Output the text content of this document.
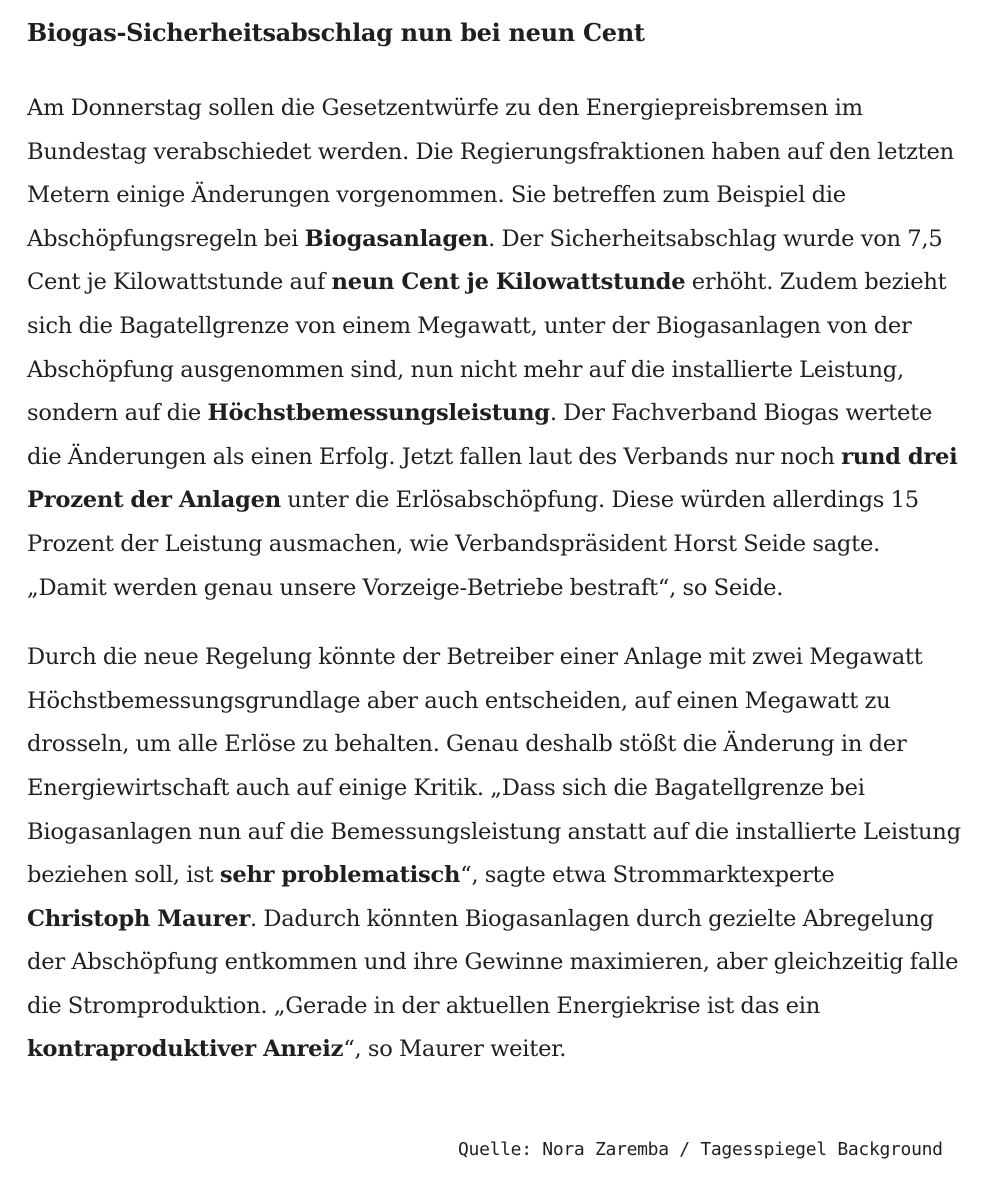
Biogas-Sicherheitsabschlag nun bei neun Cent

Am Donnerstag sollen die Gesetzentwürfe zu den Energiepreisbremsen im Bundestag verabschiedet werden. Die Regierungsfraktionen haben auf den letzten Metern einige Änderungen vorgenommen. Sie betreffen zum Beispiel die Abschöpfungsregeln bei Biogasanlagen. Der Sicherheitsabschlag wurde von 7,5 Cent je Kilowattstunde auf neun Cent je Kilowattstunde erhöht. Zudem bezieht sich die Bagatellgrenze von einem Megawatt, unter der Biogasanlagen von der Abschöpfung ausgenommen sind, nun nicht mehr auf die installierte Leistung, sondern auf die Höchstbemessungsleistung. Der Fachverband Biogas wertete die Änderungen als einen Erfolg. Jetzt fallen laut des Verbands nur noch rund drei Prozent der Anlagen unter die Erlösabschöpfung. Diese würden allerdings 15 Prozent der Leistung ausmachen, wie Verbandspräsident Horst Seide sagte. „Damit werden genau unsere Vorzeige-Betriebe bestraft“, so Seide.

Durch die neue Regelung könnte der Betreiber einer Anlage mit zwei Megawatt Höchstbemessungsgrundlage aber auch entscheiden, auf einen Megawatt zu drosseln, um alle Erlöse zu behalten. Genau deshalb stößt die Änderung in der Energiewirtschaft auch auf einige Kritik. „Dass sich die Bagatellgrenze bei Biogasanlagen nun auf die Bemessungsleistung anstatt auf die installierte Leistung beziehen soll, ist sehr problematisch“, sagte etwa Strommarktexperte Christoph Maurer. Dadurch könnten Biogasanlagen durch gezielte Abregelung der Abschöpfung entkommen und ihre Gewinne maximieren, aber gleichzeitig falle die Stromproduktion. „Gerade in der aktuellen Energiekrise ist das ein kontraproduktiver Anreiz“, so Maurer weiter.

Quelle: Nora Zaremba / Tagesspiegel Background
